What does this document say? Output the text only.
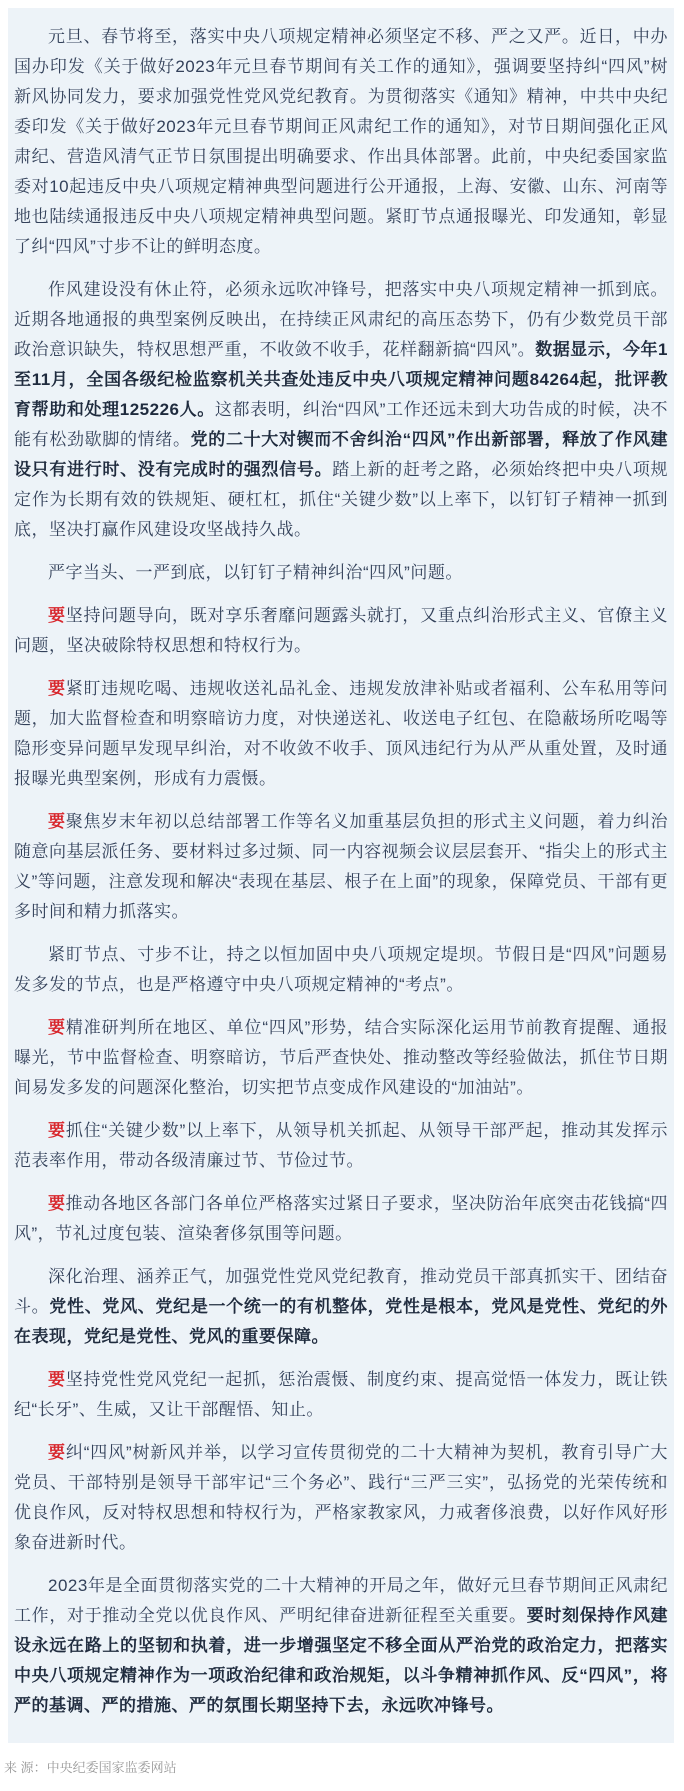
元旦、春节将至，落实中央八项规定精神必须坚定不移、严之又严。近日，中办国办印发《关于做好2023年元旦春节期间有关工作的通知》，强调要坚持纠“四风”树新风协同发力，要求加强党性党风党纪教育。为贯彻落实《通知》精神，中共中央纪委印发《关于做好2023年元旦春节期间正风肃纪工作的通知》，对节日期间强化正风肃纪、营造风清气正节日氛围提出明确要求、作出具体部署。此前，中央纪委国家监委对10起违反中央八项规定精神典型问题进行公开通报，上海、安徽、山东、河南等地也陆续通报违反中央八项规定精神典型问题。紧盯节点通报曝光、印发通知，彰显了纠“四风”寸步不让的鲜明态度。

作风建设没有休止符，必须永远吹冲锋号，把落实中央八项规定精神一抓到底。近期各地通报的典型案例反映出，在持续正风肃纪的高压态势下，仍有少数党员干部政治意识缺失，特权思想严重，不收敛不收手，花样翻新搞“四风”。数据显示，今年1至11月，全国各级纪检监察机关共查处违反中央八项规定精神问题84264起，批评教育帮助和处理125226人。这都表明，纠治“四风”工作还远未到大功告成的时候，决不能有松劲歇脚的情绪。党的二十大对锲而不舍纠治“四风”作出新部署，释放了作风建设只有进行时、没有完成时的强烈信号。踏上新的赶考之路，必须始终把中央八项规定作为长期有效的铁规矩、硬杠杠，抓住“关键少数”以上率下，以钉钉子精神一抓到底，坚决打赢作风建设攻坚战持久战。

严字当头、一严到底，以钉钉子精神纠治“四风”问题。

要坚持问题导向，既对享乐奢靡问题露头就打，又重点纠治形式主义、官僚主义问题，坚决破除特权思想和特权行为。

要紧盯违规吃喝、违规收送礼品礼金、违规发放津补贴或者福利、公车私用等问题，加大监督检查和明察暗访力度，对快递送礼、收送电子红包、在隐蔽场所吃喝等隐形变异问题早发现早纠治，对不收敛不收手、顶风违纪行为从严从重处置，及时通报曝光典型案例，形成有力震慑。

要聚焦岁末年初以总结部署工作等名义加重基层负担的形式主义问题，着力纠治随意向基层派任务、要材料过多过频、同一内容视频会议层层套开、“指尖上的形式主义”等问题，注意发现和解决“表现在基层、根子在上面”的现象，保障党员、干部有更多时间和精力抓落实。

紧盯节点、寸步不让，持之以恒加固中央八项规定堤坝。节假日是“四风”问题易发多发的节点，也是严格遵守中央八项规定精神的“考点”。

要精准研判所在地区、单位“四风”形势，结合实际深化运用节前教育提醒、通报曝光，节中监督检查、明察暗访，节后严查快处、推动整改等经验做法，抓住节日期间易发多发的问题深化整治，切实把节点变成作风建设的“加油站”。

要抓住“关键少数”以上率下，从领导机关抓起、从领导干部严起，推动其发挥示范表率作用，带动各级清廉过节、节俭过节。

要推动各地区各部门各单位严格落实过紧日子要求，坚决防治年底突击花钱搞“四风”，节礼过度包装、渲染奢侈氛围等问题。

深化治理、涵养正气，加强党性党风党纪教育，推动党员干部真抓实干、团结奋斗。党性、党风、党纪是一个统一的有机整体，党性是根本，党风是党性、党纪的外在表现，党纪是党性、党风的重要保障。

要坚持党性党风党纪一起抓，惩治震慑、制度约束、提高觉悟一体发力，既让铁纪“长牙”、生威，又让干部醒悟、知止。

要纠“四风”树新风并举，以学习宣传贯彻党的二十大精神为契机，教育引导广大党员、干部特别是领导干部牢记“三个务必”、践行“三严三实”，弘扬党的光荣传统和优良作风，反对特权思想和特权行为，严格家教家风，力戒奢侈浪费，以好作风好形象奋进新时代。

2023年是全面贯彻落实党的二十大精神的开局之年，做好元旦春节期间正风肃纪工作，对于推动全党以优良作风、严明纪律奋进新征程至关重要。要时刻保持作风建设永远在路上的坚韧和执着，进一步增强坚定不移全面从严治党的政治定力，把落实中央八项规定精神作为一项政治纪律和政治规矩，以斗争精神抓作风、反“四风”，将严的基调、严的措施、严的氛围长期坚持下去，永远吹冲锋号。

来 源：中央纪委国家监委网站
